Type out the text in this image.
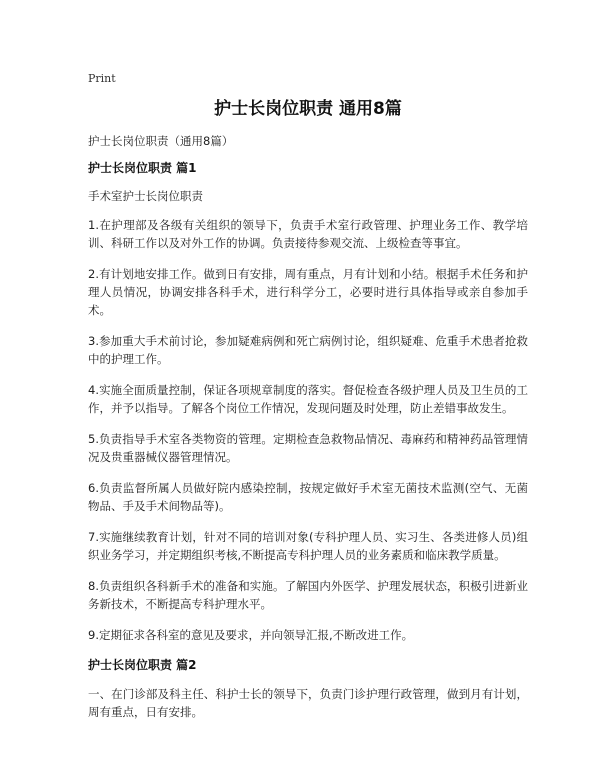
Print
护士长岗位职责 通用8篇

护士长岗位职责（通用8篇）

护士长岗位职责 篇1

手术室护士长岗位职责

1.在护理部及各级有关组织的领导下，负责手术室行政管理、护理业务工作、教学培训、科研工作以及对外工作的协调。负责接待参观交流、上级检查等事宜。

2.有计划地安排工作。做到日有安排，周有重点，月有计划和小结。根据手术任务和护理人员情况，协调安排各科手术，进行科学分工，必要时进行具体指导或亲自参加手术。

3.参加重大手术前讨论，参加疑难病例和死亡病例讨论，组织疑难、危重手术患者抢救中的护理工作。

4.实施全面质量控制，保证各项规章制度的落实。督促检查各级护理人员及卫生员的工作，并予以指导。了解各个岗位工作情况，发现问题及时处理，防止差错事故发生。

5.负责指导手术室各类物资的管理。定期检查急救物品情况、毒麻药和精神药品管理情况及贵重器械仪器管理情况。

6.负责监督所属人员做好院内感染控制，按规定做好手术室无菌技术监测(空气、无菌物品、手及手术间物品等)。

7.实施继续教育计划，针对不同的培训对象(专科护理人员、实习生、各类进修人员)组织业务学习，并定期组织考核,不断提高专科护理人员的业务素质和临床教学质量。

8.负责组织各科新手术的准备和实施。了解国内外医学、护理发展状态，积极引进新业务新技术，不断提高专科护理水平。

9.定期征求各科室的意见及要求，并向领导汇报,不断改进工作。

护士长岗位职责 篇2

一、在门诊部及科主任、科护士长的领导下，负责门诊护理行政管理，做到月有计划，周有重点，日有安排。
